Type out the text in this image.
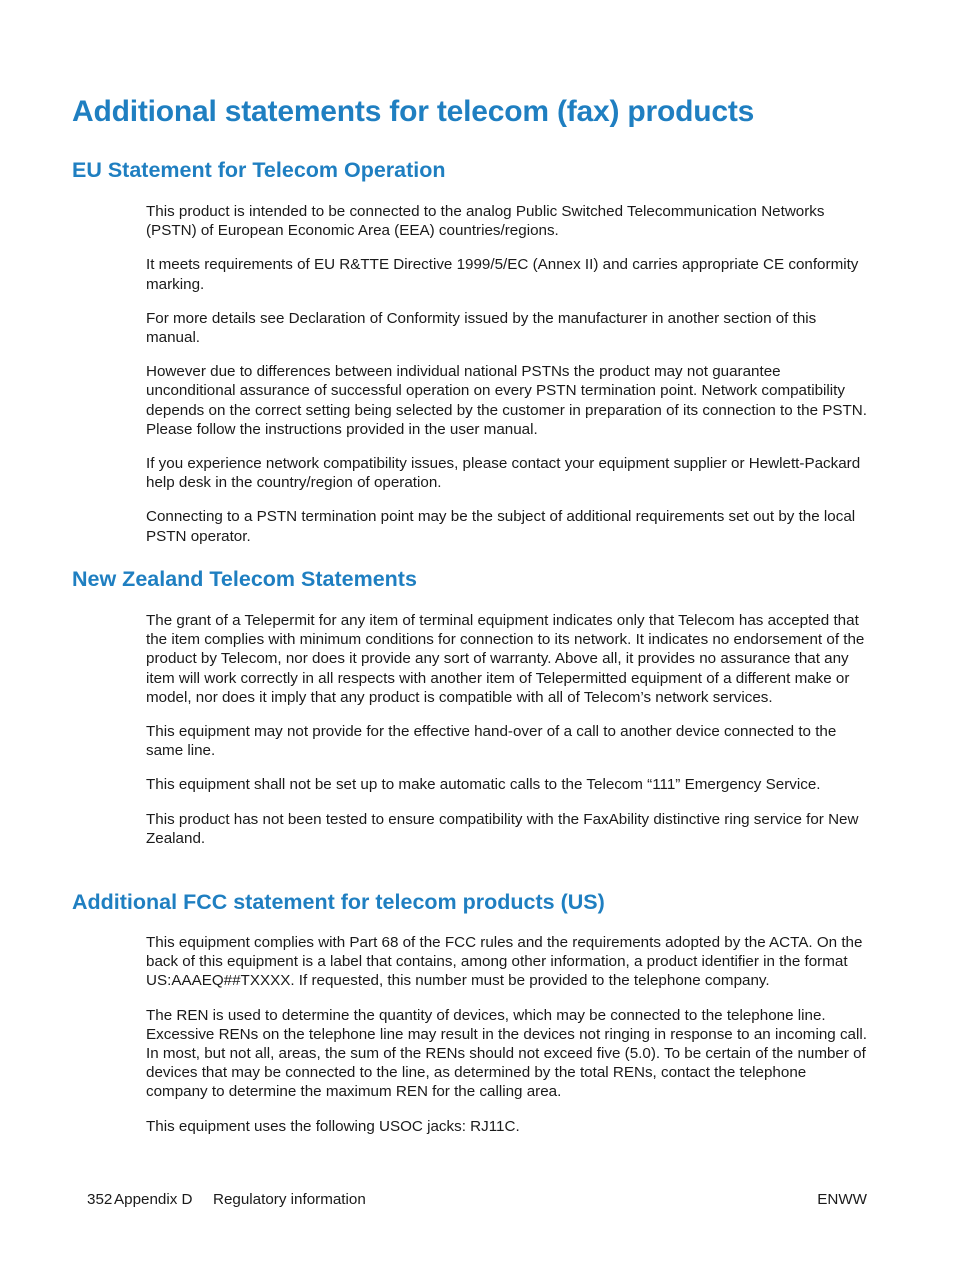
Additional statements for telecom (fax) products
EU Statement for Telecom Operation

This product is intended to be connected to the analog Public Switched Telecommunication Networks (PSTN) of European Economic Area (EEA) countries/regions.

It meets requirements of EU R&TTE Directive 1999/5/EC (Annex II) and carries appropriate CE conformity marking.

For more details see Declaration of Conformity issued by the manufacturer in another section of this manual.

However due to differences between individual national PSTNs the product may not guarantee unconditional assurance of successful operation on every PSTN termination point. Network compatibility depends on the correct setting being selected by the customer in preparation of its connection to the PSTN. Please follow the instructions provided in the user manual.

If you experience network compatibility issues, please contact your equipment supplier or Hewlett-Packard help desk in the country/region of operation.

Connecting to a PSTN termination point may be the subject of additional requirements set out by the local PSTN operator.

New Zealand Telecom Statements

The grant of a Telepermit for any item of terminal equipment indicates only that Telecom has accepted that the item complies with minimum conditions for connection to its network. It indicates no endorsement of the product by Telecom, nor does it provide any sort of warranty. Above all, it provides no assurance that any item will work correctly in all respects with another item of Telepermitted equipment of a different make or model, nor does it imply that any product is compatible with all of Telecom’s network services.

This equipment may not provide for the effective hand-over of a call to another device connected to the same line.

This equipment shall not be set up to make automatic calls to the Telecom “111” Emergency Service.

This product has not been tested to ensure compatibility with the FaxAbility distinctive ring service for New Zealand.

Additional FCC statement for telecom products (US)

This equipment complies with Part 68 of the FCC rules and the requirements adopted by the ACTA. On the back of this equipment is a label that contains, among other information, a product identifier in the format US:AAAEQ##TXXXX. If requested, this number must be provided to the telephone company.

The REN is used to determine the quantity of devices, which may be connected to the telephone line. Excessive RENs on the telephone line may result in the devices not ringing in response to an incoming call. In most, but not all, areas, the sum of the RENs should not exceed five (5.0). To be certain of the number of devices that may be connected to the line, as determined by the total RENs, contact the telephone company to determine the maximum REN for the calling area.

This equipment uses the following USOC jacks: RJ11C.

352 Appendix D Regulatory information	ENWW
